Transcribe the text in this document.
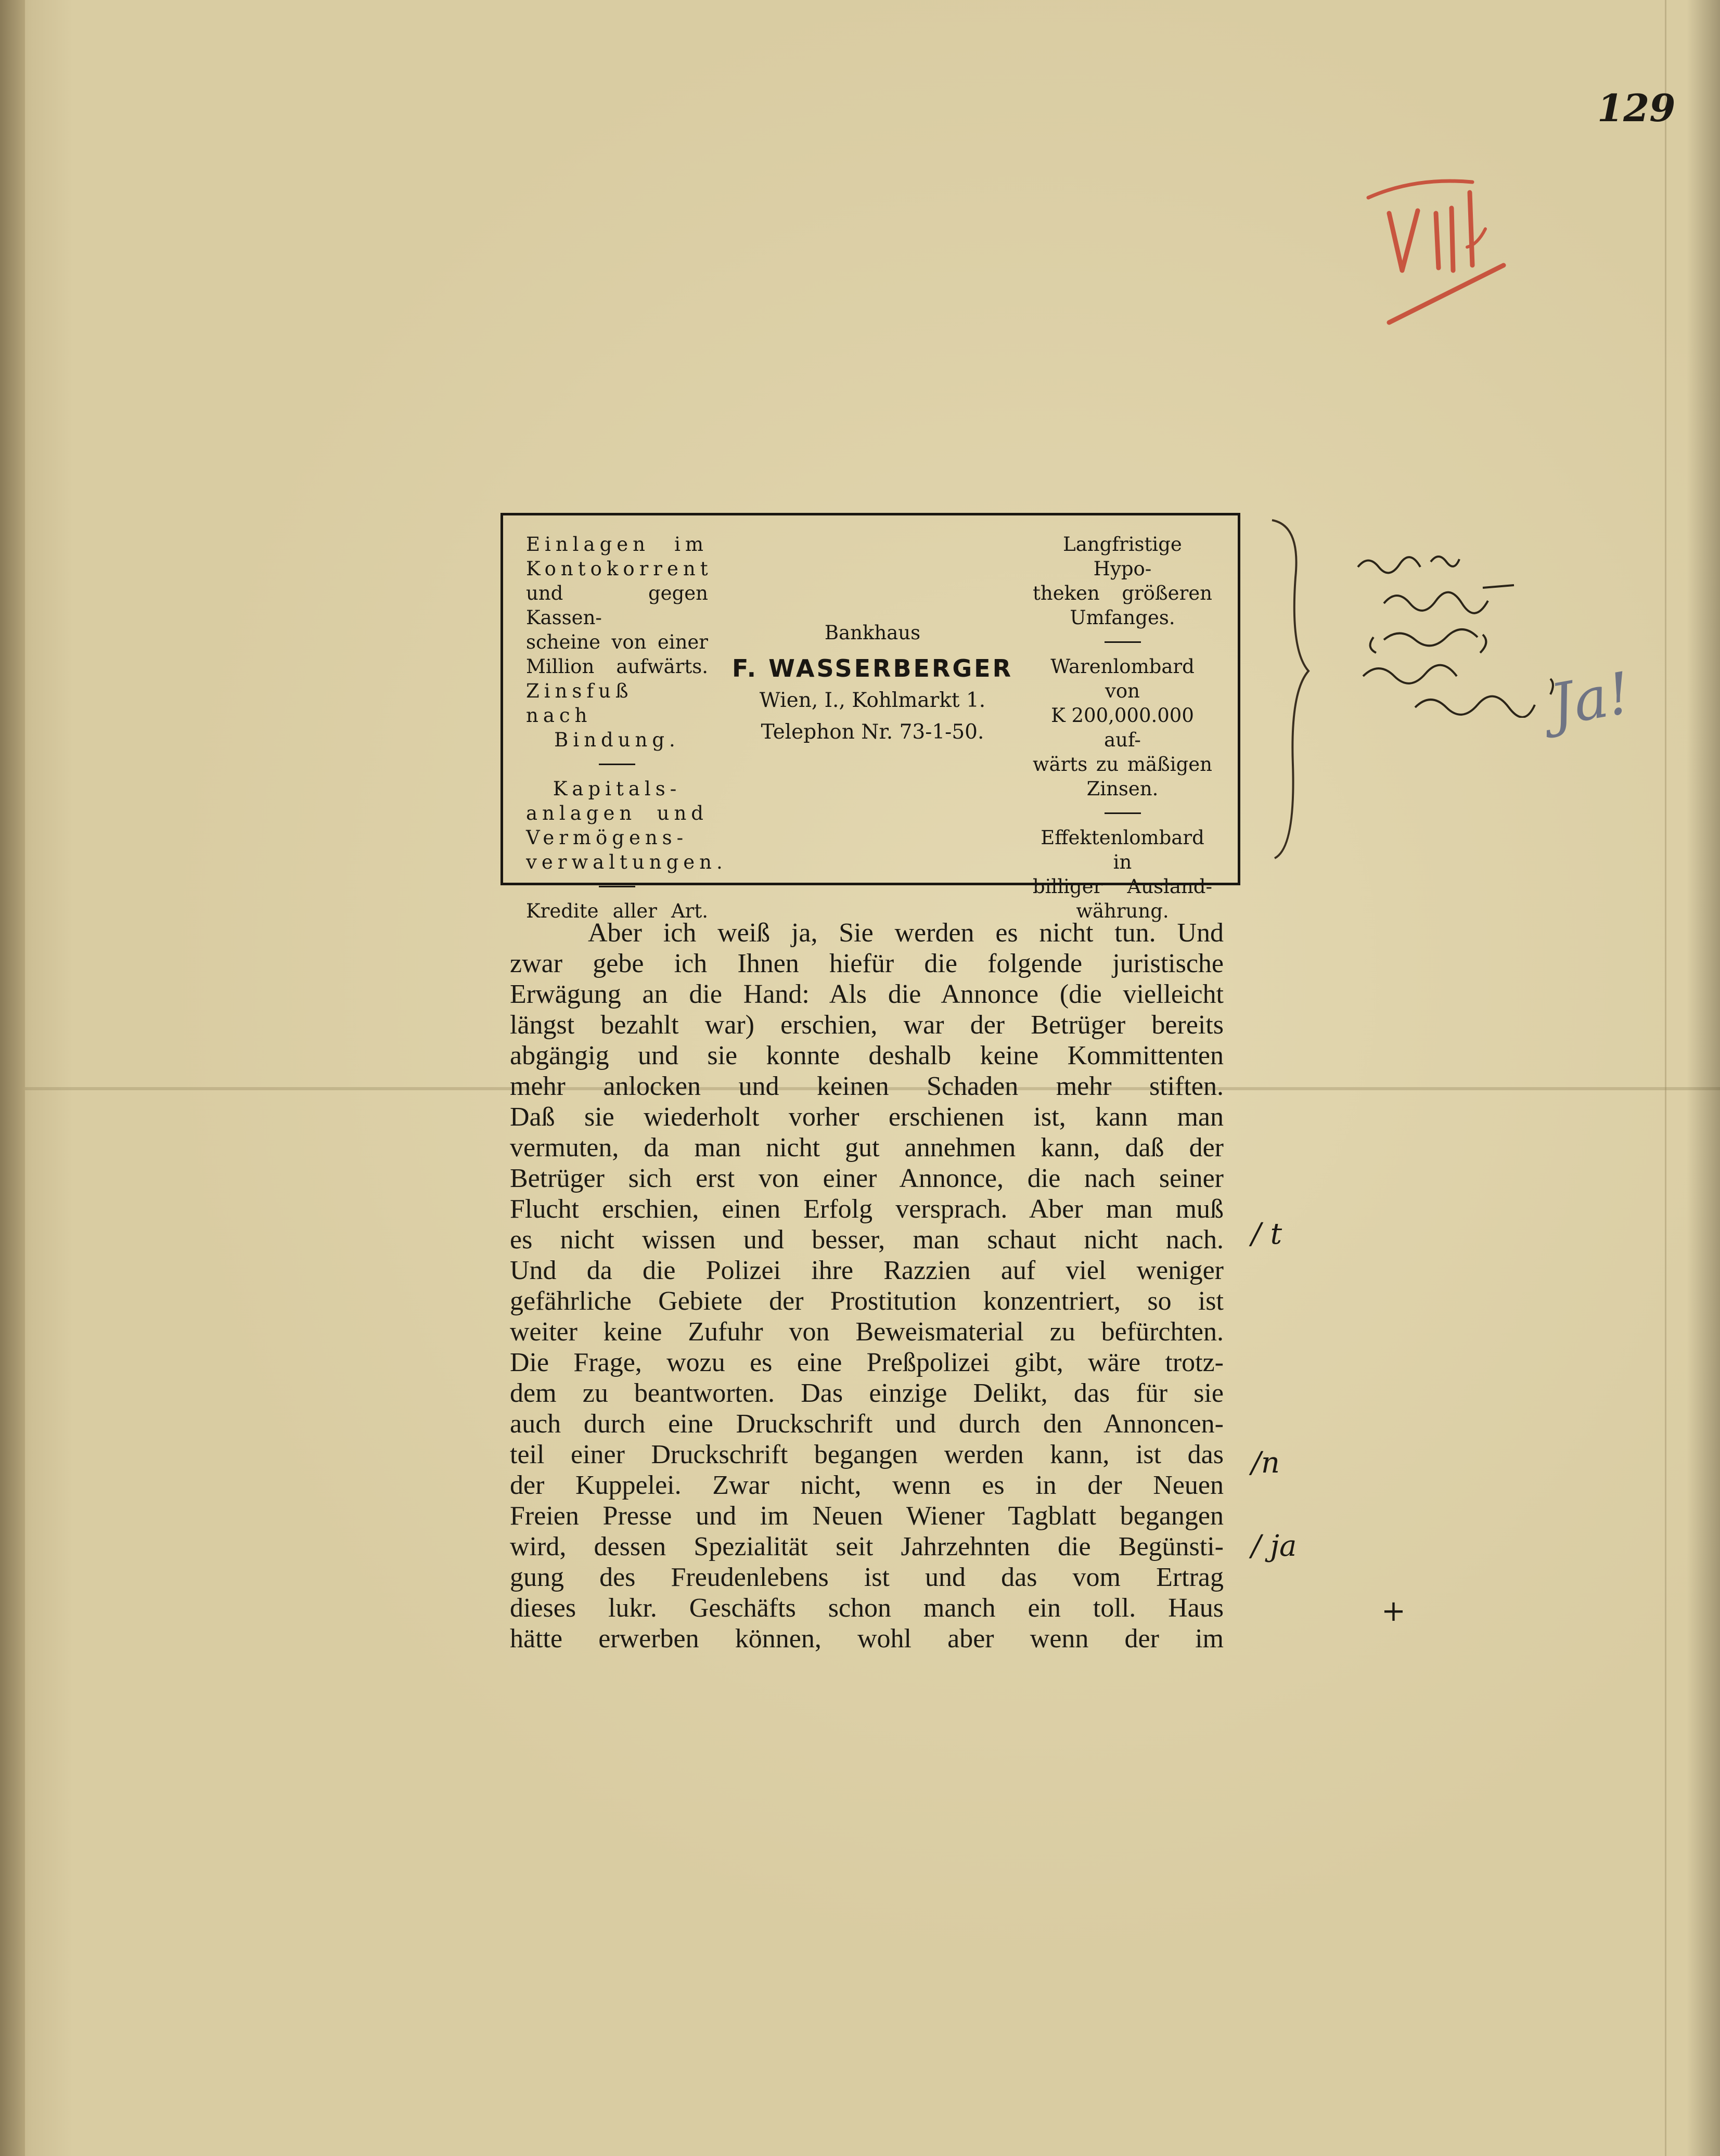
129
Einlagen im
Kontokorrent
und gegen Kassen-
scheine von einer
Million aufwärts.
Zinsfuß nach
Bindung.
Kapitals-
anlagen und
Vermögens-
verwaltungen.
Kredite aller Art.
Bankhaus
F. WASSERBERGER
Wien, I., Kohlmarkt 1.
Telephon Nr. 73-1-50.
Langfristige Hypo-
theken größeren
Umfanges.
Warenlombard von
K 200,000.000 auf-
wärts zu mäßigen
Zinsen.
Effektenlombard in
billiger Ausland-
währung.
Ja!
/ t
/n
/ ja
+
Aber ich weiß ja, Sie werden es nicht tun. Und
zwar gebe ich Ihnen hiefür die folgende juristische
Erwägung an die Hand: Als die Annonce (die vielleicht
längst bezahlt war) erschien, war der Betrüger bereits
abgängig und sie konnte deshalb keine Kommittenten
mehr anlocken und keinen Schaden mehr stiften.
Daß sie wiederholt vorher erschienen ist, kann man
vermuten, da man nicht gut annehmen kann, daß der
Betrüger sich erst von einer Annonce, die nach seiner
Flucht erschien, einen Erfolg versprach. Aber man muß
es nicht wissen und besser, man schaut nicht nach.
Und da die Polizei ihre Razzien auf viel weniger
gefährliche Gebiete der Prostitution konzentriert, so ist
weiter keine Zufuhr von Beweismaterial zu befürchten.
Die Frage, wozu es eine Preßpolizei gibt, wäre trotz-
dem zu beantworten. Das einzige Delikt, das für sie
auch durch eine Druckschrift und durch den Annoncen-
teil einer Druckschrift begangen werden kann, ist das
der Kuppelei. Zwar nicht, wenn es in der Neuen
Freien Presse und im Neuen Wiener Tagblatt begangen
wird, dessen Spezialität seit Jahrzehnten die Begünsti-
gung des Freudenlebens ist und das vom Ertrag
dieses lukr. Geschäfts schon manch ein toll. Haus
hätte erwerben können, wohl aber wenn der im
